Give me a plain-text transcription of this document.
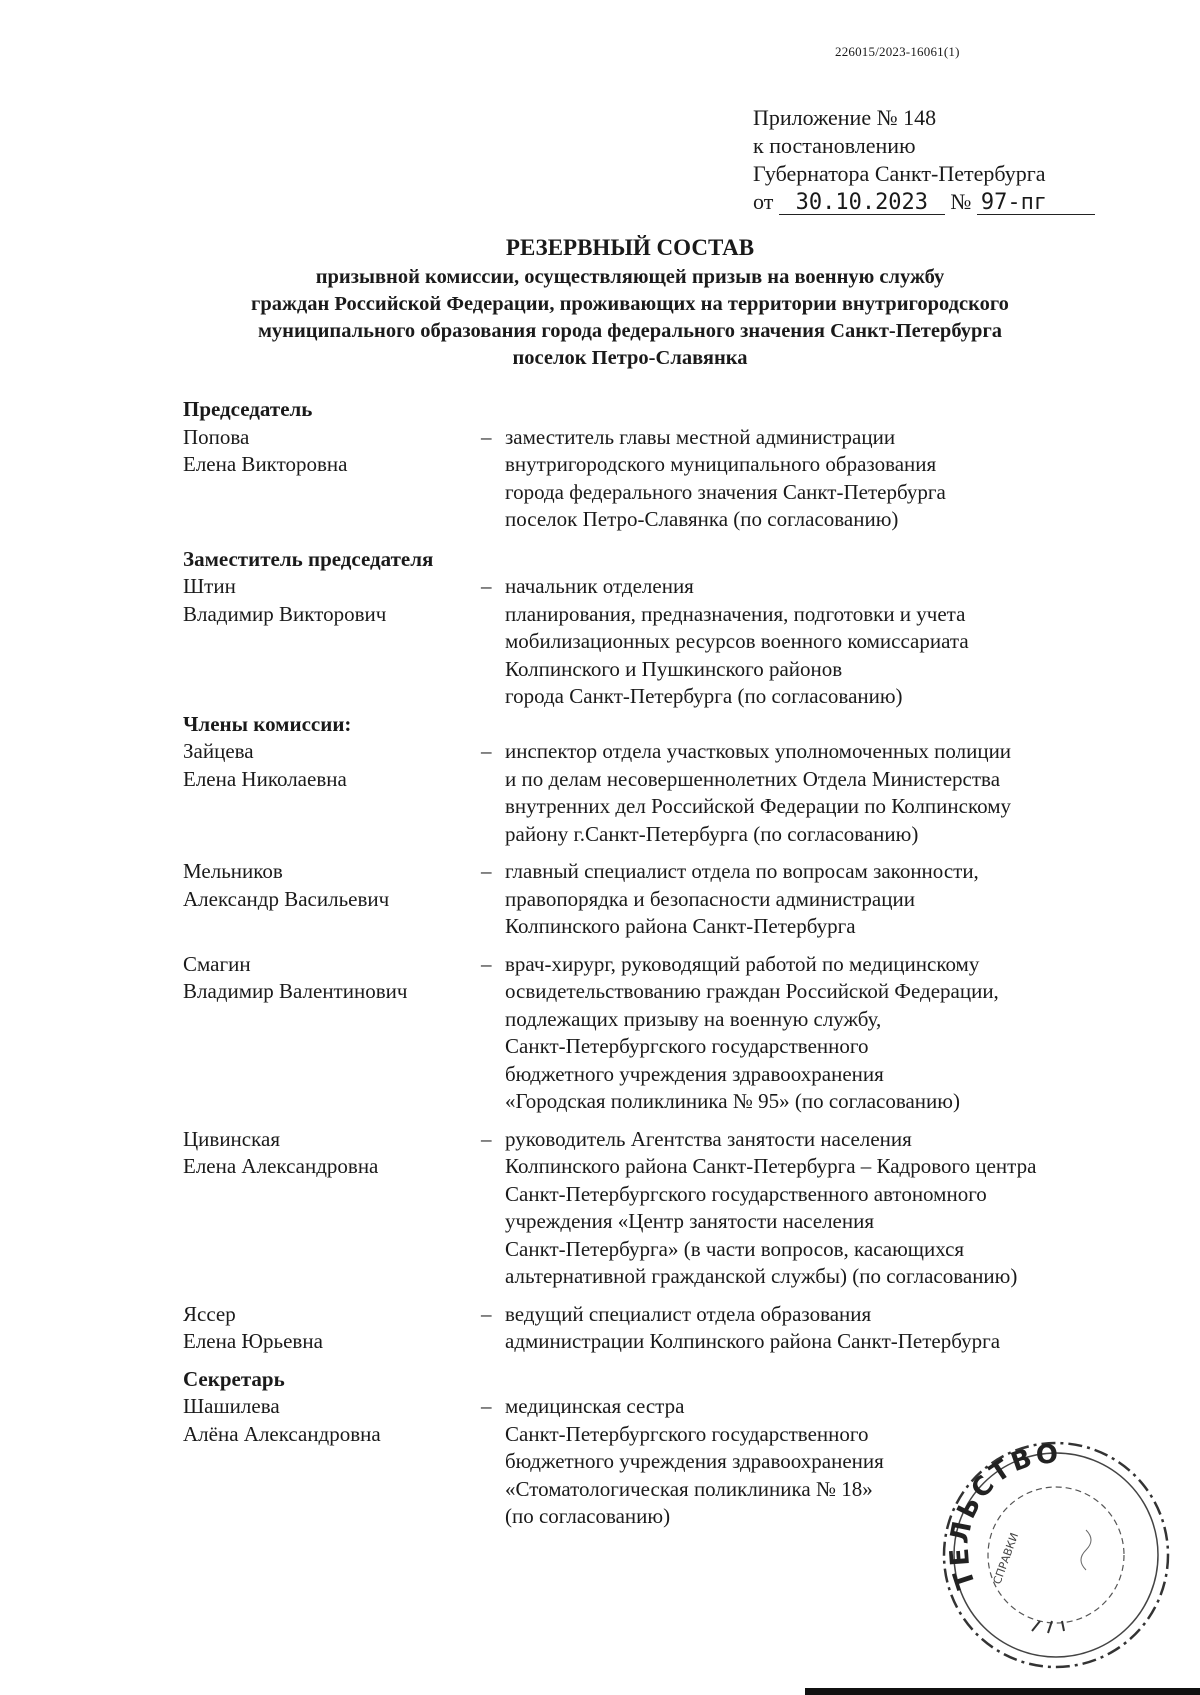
226015/2023-16061(1)
Приложение № 148
к постановлению
Губернатора Санкт-Петербурга
от 30.10.2023 № 97-пг
РЕЗЕРВНЫЙ СОСТАВ
призывной комиссии, осуществляющей призыв на военную службу
граждан Российской Федерации, проживающих на территории внутригородского
муниципального образования города федерального значения Санкт-Петербурга
поселок Петро-Славянка
Председатель
Попова
Елена Викторовна
– заместитель главы местной администрации
внутригородского муниципального образования
города федерального значения Санкт-Петербурга
поселок Петро-Славянка (по согласованию)
Заместитель председателя
Штин
Владимир Викторович
– начальник отделения
планирования, предназначения, подготовки и учета
мобилизационных ресурсов военного комиссариата
Колпинского и Пушкинского районов
города Санкт-Петербурга (по согласованию)
Члены комиссии:
Зайцева
Елена Николаевна
– инспектор отдела участковых уполномоченных полиции
и по делам несовершеннолетних Отдела Министерства
внутренних дел Российской Федерации по Колпинскому
району г.Санкт-Петербурга (по согласованию)
Мельников
Александр Васильевич
– главный специалист отдела по вопросам законности,
правопорядка и безопасности администрации
Колпинского района Санкт-Петербурга
Смагин
Владимир Валентинович
– врач-хирург, руководящий работой по медицинскому
освидетельствованию граждан Российской Федерации,
подлежащих призыву на военную службу,
Санкт-Петербургского государственного
бюджетного учреждения здравоохранения
«Городская поликлиника № 95» (по согласованию)
Цивинская
Елена Александровна
– руководитель Агентства занятости населения
Колпинского района Санкт-Петербурга – Кадрового центра
Санкт-Петербургского государственного автономного
учреждения «Центр занятости населения
Санкт-Петербурга» (в части вопросов, касающихся
альтернативной гражданской службы) (по согласованию)
Яссер
Елена Юрьевна
– ведущий специалист отдела образования
администрации Колпинского района Санкт-Петербурга
Секретарь
Шашилева
Алёна Александровна
– медицинская сестра
Санкт-Петербургского государственного
бюджетного учреждения здравоохранения
«Стоматологическая поликлиника № 18»
(по согласованию)
ТЕЛЬСТВО
СПРАВКИ
